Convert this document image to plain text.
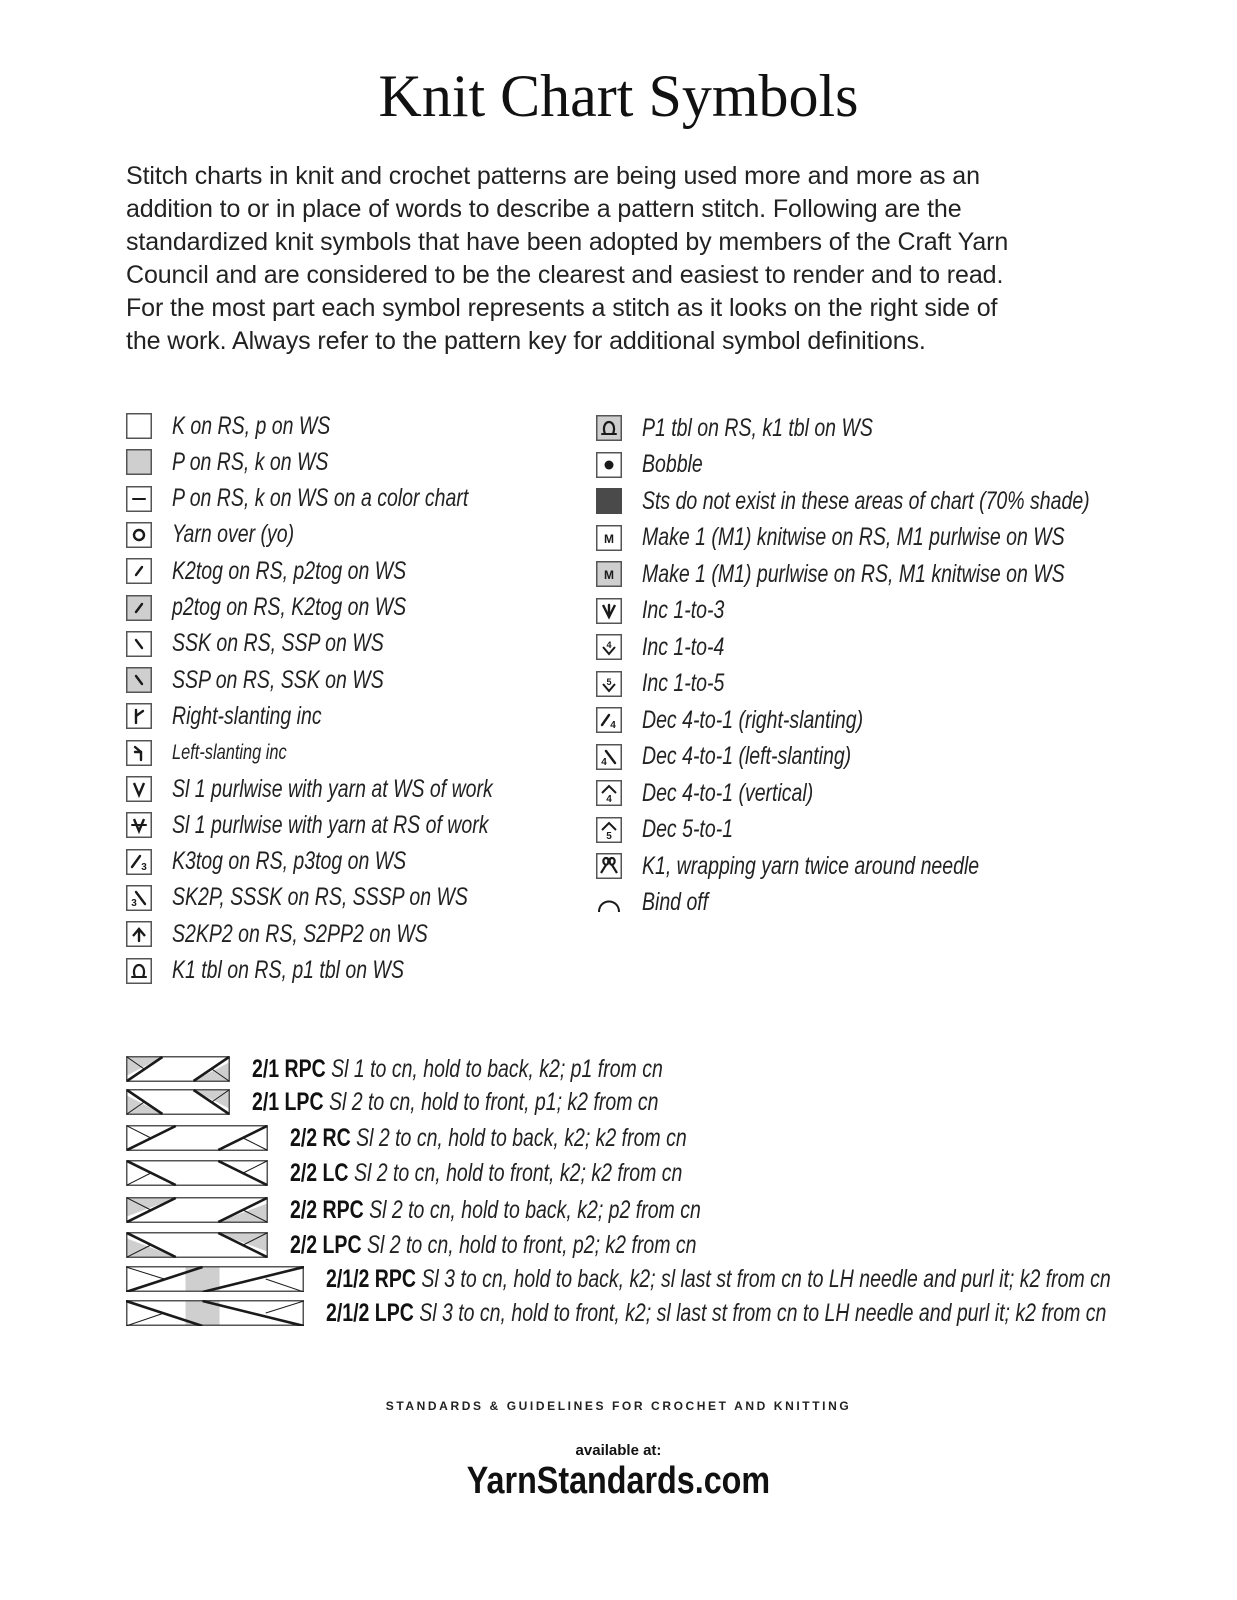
Knit Chart Symbols
Stitch charts in knit and crochet patterns are being used more and more as an
addition to or in place of words to describe a pattern stitch. Following are the
standardized knit symbols that have been adopted by members of the Craft Yarn
Council and are considered to be the clearest and easiest to render and to read.
For the most part each symbol represents a stitch as it looks on the right side of
the work. Always refer to the pattern key for additional symbol definitions.
K on RS, p on WS
P on RS, k on WS
P on RS, k on WS on a color chart
Yarn over (yo)
K2tog on RS, p2tog on WS
p2tog on RS, K2tog on WS
SSK on RS, SSP on WS
SSP on RS, SSK on WS
Right-slanting inc
Left-slanting inc
Sl 1 purlwise with yarn at WS of work
Sl 1 purlwise with yarn at RS of work
3 K3tog on RS, p3tog on WS
3 SK2P, SSSK on RS, SSSP on WS
S2KP2 on RS, S2PP2 on WS
K1 tbl on RS, p1 tbl on WS
P1 tbl on RS, k1 tbl on WS
Bobble
Sts do not exist in these areas of chart (70% shade)
M Make 1 (M1) knitwise on RS, M1 purlwise on WS
M Make 1 (M1) purlwise on RS, M1 knitwise on WS
Inc 1-to-3
4 Inc 1-to-4
5 Inc 1-to-5
4 Dec 4-to-1 (right-slanting)
4 Dec 4-to-1 (left-slanting)
4 Dec 4-to-1 (vertical)
5 Dec 5-to-1
K1, wrapping yarn twice around needle
Bind off
2/1 RPC Sl 1 to cn, hold to back, k2; p1 from cn
2/1 LPC Sl 2 to cn, hold to front, p1; k2 from cn
2/2 RC Sl 2 to cn, hold to back, k2; k2 from cn
2/2 LC Sl 2 to cn, hold to front, k2; k2 from cn
2/2 RPC Sl 2 to cn, hold to back, k2; p2 from cn
2/2 LPC Sl 2 to cn, hold to front, p2; k2 from cn
2/1/2 RPC Sl 3 to cn, hold to back, k2; sl last st from cn to LH needle and purl it; k2 from cn
2/1/2 LPC Sl 3 to cn, hold to front, k2; sl last st from cn to LH needle and purl it; k2 from cn
STANDARDS & GUIDELINES FOR CROCHET AND KNITTING
available at:
YarnStandards.com
